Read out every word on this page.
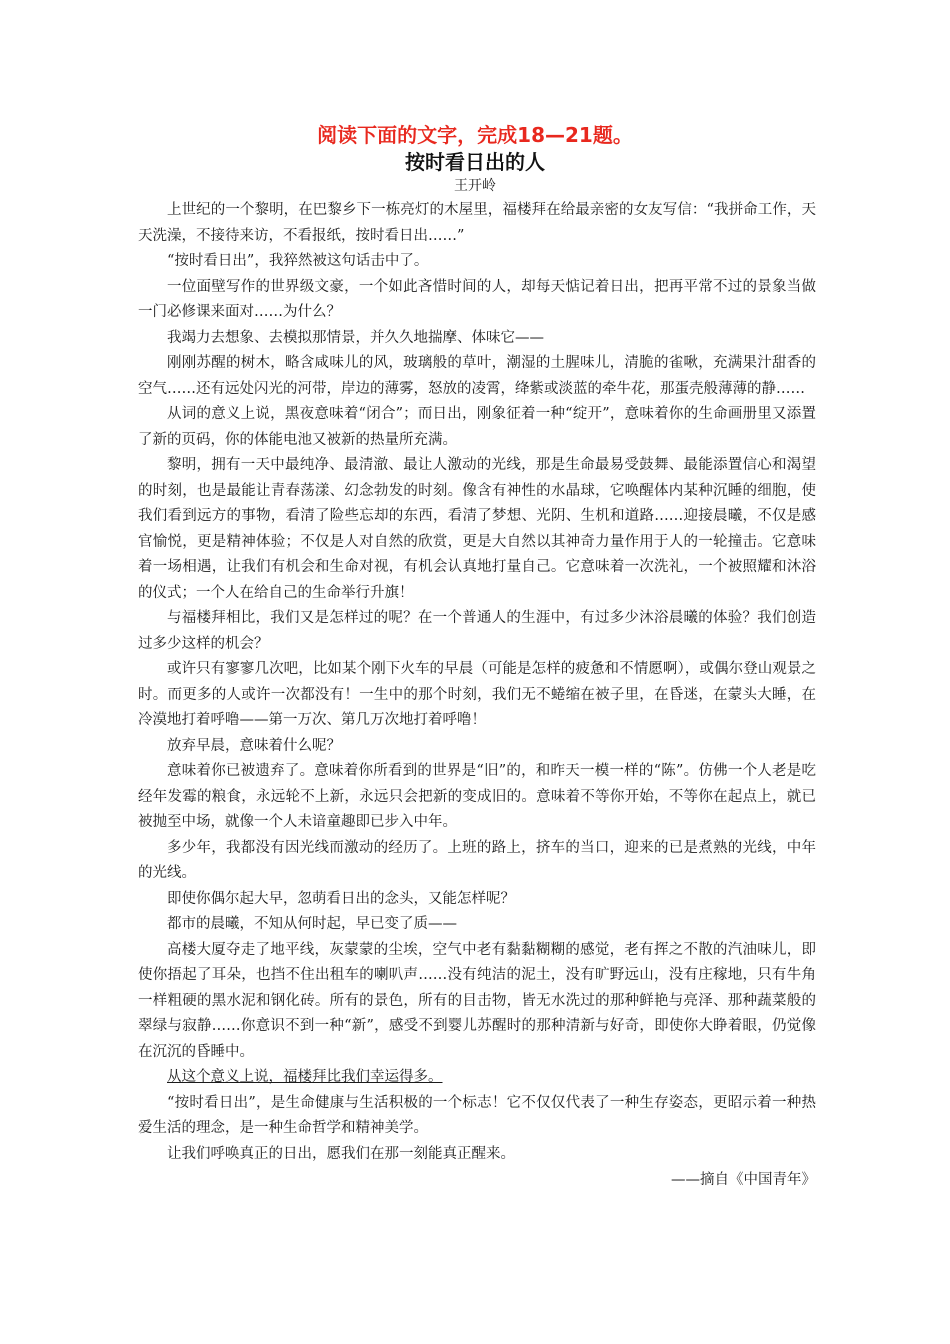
阅读下面的文字，完成18—21题。
按时看日出的人
王开岭

上世纪的一个黎明，在巴黎乡下一栋亮灯的木屋里，福楼拜在给最亲密的女友写信：“我拼命工作，天天洗澡，不接待来访，不看报纸，按时看日出……”

“按时看日出”，我猝然被这句话击中了。

一位面壁写作的世界级文豪，一个如此吝惜时间的人，却每天惦记着日出，把再平常不过的景象当做一门必修课来面对……为什么？

我竭力去想象、去模拟那情景，并久久地揣摩、体味它——

刚刚苏醒的树木，略含咸味儿的风，玻璃般的草叶，潮湿的土腥味儿，清脆的雀啾，充满果汁甜香的空气……还有远处闪光的河带，岸边的薄雾，怒放的凌霄，绛紫或淡蓝的牵牛花，那蛋壳般薄薄的静……

从词的意义上说，黑夜意味着“闭合”；而日出，刚象征着一种“绽开”，意味着你的生命画册里又添置了新的页码，你的体能电池又被新的热量所充满。

黎明，拥有一天中最纯净、最清澈、最让人激动的光线，那是生命最易受鼓舞、最能添置信心和渴望的时刻，也是最能让青春荡漾、幻念勃发的时刻。像含有神性的水晶球，它唤醒体内某种沉睡的细胞，使我们看到远方的事物，看清了险些忘却的东西，看清了梦想、光阴、生机和道路……迎接晨曦，不仅是感官愉悦，更是精神体验；不仅是人对自然的欣赏，更是大自然以其神奇力量作用于人的一轮撞击。它意味着一场相遇，让我们有机会和生命对视，有机会认真地打量自己。它意味着一次洗礼，一个被照耀和沐浴的仪式；一个人在给自己的生命举行升旗！

与福楼拜相比，我们又是怎样过的呢？在一个普通人的生涯中，有过多少沐浴晨曦的体验？我们创造过多少这样的机会？

或许只有寥寥几次吧，比如某个刚下火车的早晨（可能是怎样的疲惫和不情愿啊），或偶尔登山观景之时。而更多的人或许一次都没有！一生中的那个时刻，我们无不蜷缩在被子里，在昏迷，在蒙头大睡，在冷漠地打着呼噜——第一万次、第几万次地打着呼噜！

放弃早晨，意味着什么呢？

意味着你已被遗弃了。意味着你所看到的世界是“旧”的，和昨天一模一样的“陈”。仿佛一个人老是吃经年发霉的粮食，永远轮不上新，永远只会把新的变成旧的。意味着不等你开始，不等你在起点上，就已被抛至中场，就像一个人未谙童趣即已步入中年。

多少年，我都没有因光线而激动的经历了。上班的路上，挤车的当口，迎来的已是煮熟的光线，中年的光线。

即使你偶尔起大早，忽萌看日出的念头，又能怎样呢？

都市的晨曦，不知从何时起，早已变了质——

高楼大厦夺走了地平线，灰蒙蒙的尘埃，空气中老有黏黏糊糊的感觉，老有挥之不散的汽油味儿，即使你捂起了耳朵，也挡不住出租车的喇叭声……没有纯洁的泥土，没有旷野远山，没有庄稼地，只有牛角一样粗硬的黑水泥和钢化砖。所有的景色，所有的目击物，皆无水洗过的那种鲜艳与亮泽、那种蔬菜般的翠绿与寂静……你意识不到一种“新”，感受不到婴儿苏醒时的那种清新与好奇，即使你大睁着眼，仍觉像在沉沉的昏睡中。

从这个意义上说，福楼拜比我们幸运得多。

“按时看日出”，是生命健康与生活积极的一个标志！它不仅仅代表了一种生存姿态，更昭示着一种热爱生活的理念，是一种生命哲学和精神美学。

让我们呼唤真正的日出，愿我们在那一刻能真正醒来。

——摘自《中国青年》
